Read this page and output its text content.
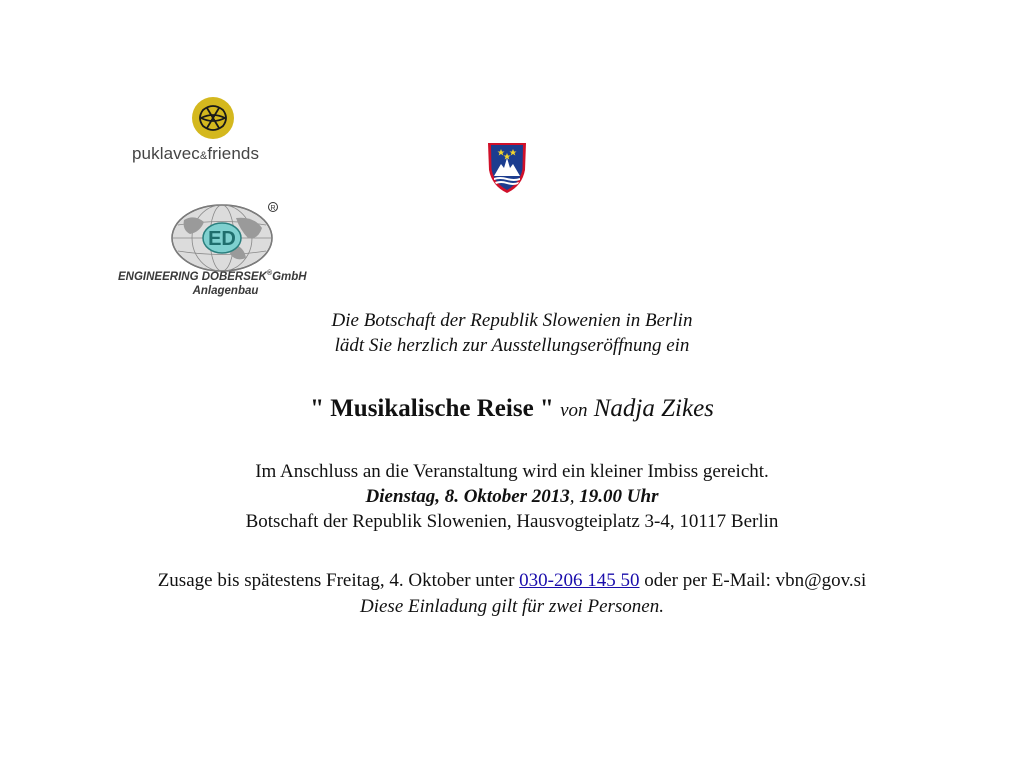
puklavec&friends
ED
R
ENGINEERING DOBERSEK®GmbH
Anlagenbau
Die Botschaft der Republik Slowenien in Berlin
lädt Sie herzlich zur Ausstellungseröffnung ein
" Musikalische Reise " von Nadja Zikes
Im Anschluss an die Veranstaltung wird ein kleiner Imbiss gereicht.
Dienstag, 8. Oktober 2013, 19.00 Uhr
Botschaft der Republik Slowenien, Hausvogteiplatz 3-4, 10117 Berlin
Zusage bis spätestens Freitag, 4. Oktober unter 030-206 145 50 oder per E-Mail: vbn@gov.si
Diese Einladung gilt für zwei Personen.
